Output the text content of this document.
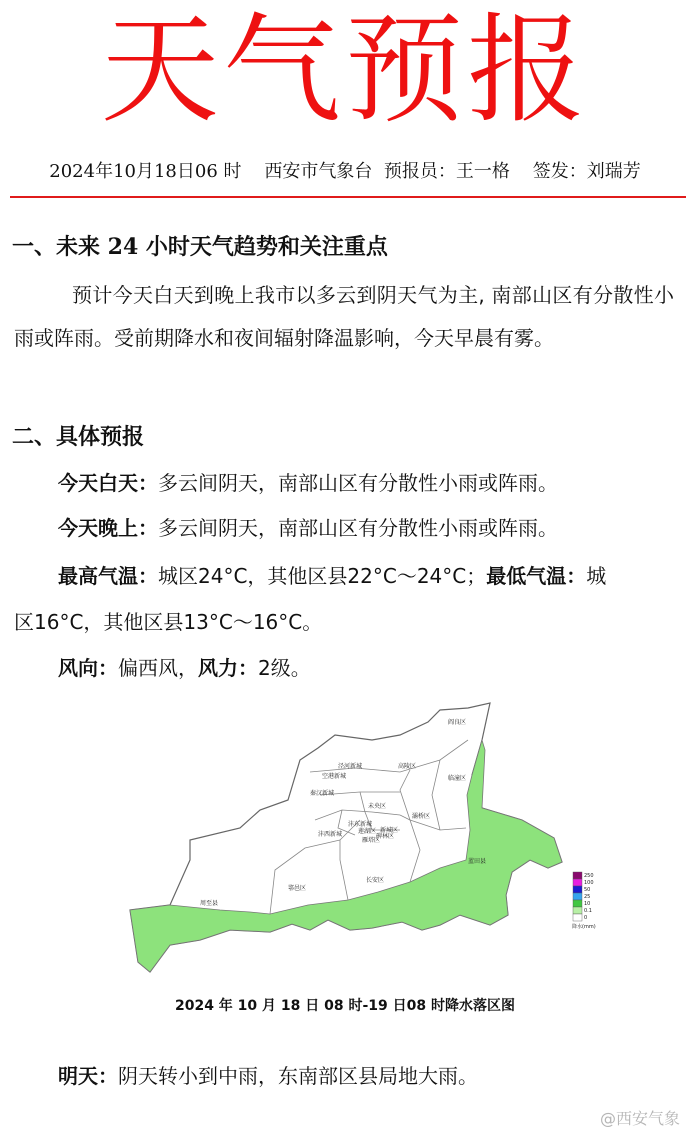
天气预报
2024年10月18日06 时    西安市气象台  预报员：王一格    签发：刘瑞芳
一、未来 24 小时天气趋势和关注重点
预计今天白天到晚上我市以多云到阴天气为主, 南部山区有分散性小雨或阵雨。受前期降水和夜间辐射降温影响，今天早晨有雾。
二、具体预报
今天白天：多云间阴天，南部山区有分散性小雨或阵雨。
今天晚上：多云间阴天，南部山区有分散性小雨或阵雨。
最高气温：城区24°C，其他区县22°C～24°C；最低气温：城
区16°C，其他区县13°C～16°C。
风向：偏西风，风力：2级。
阎良区
泾河新城	高陵区
空港新城
秦汉新城
临潼区
未央区
沣东新城
灞桥区
沣西新城	莲湖区 新城区
碑林区
雁塔区
蓝田县
鄠邑区
长安区
周至县
250
100
50
25
10
0.1
0
降水(mm)
2024 年 10 月 18 日 08 时-19 日08 时降水落区图
明天：阴天转小到中雨，东南部区县局地大雨。
@西安气象
